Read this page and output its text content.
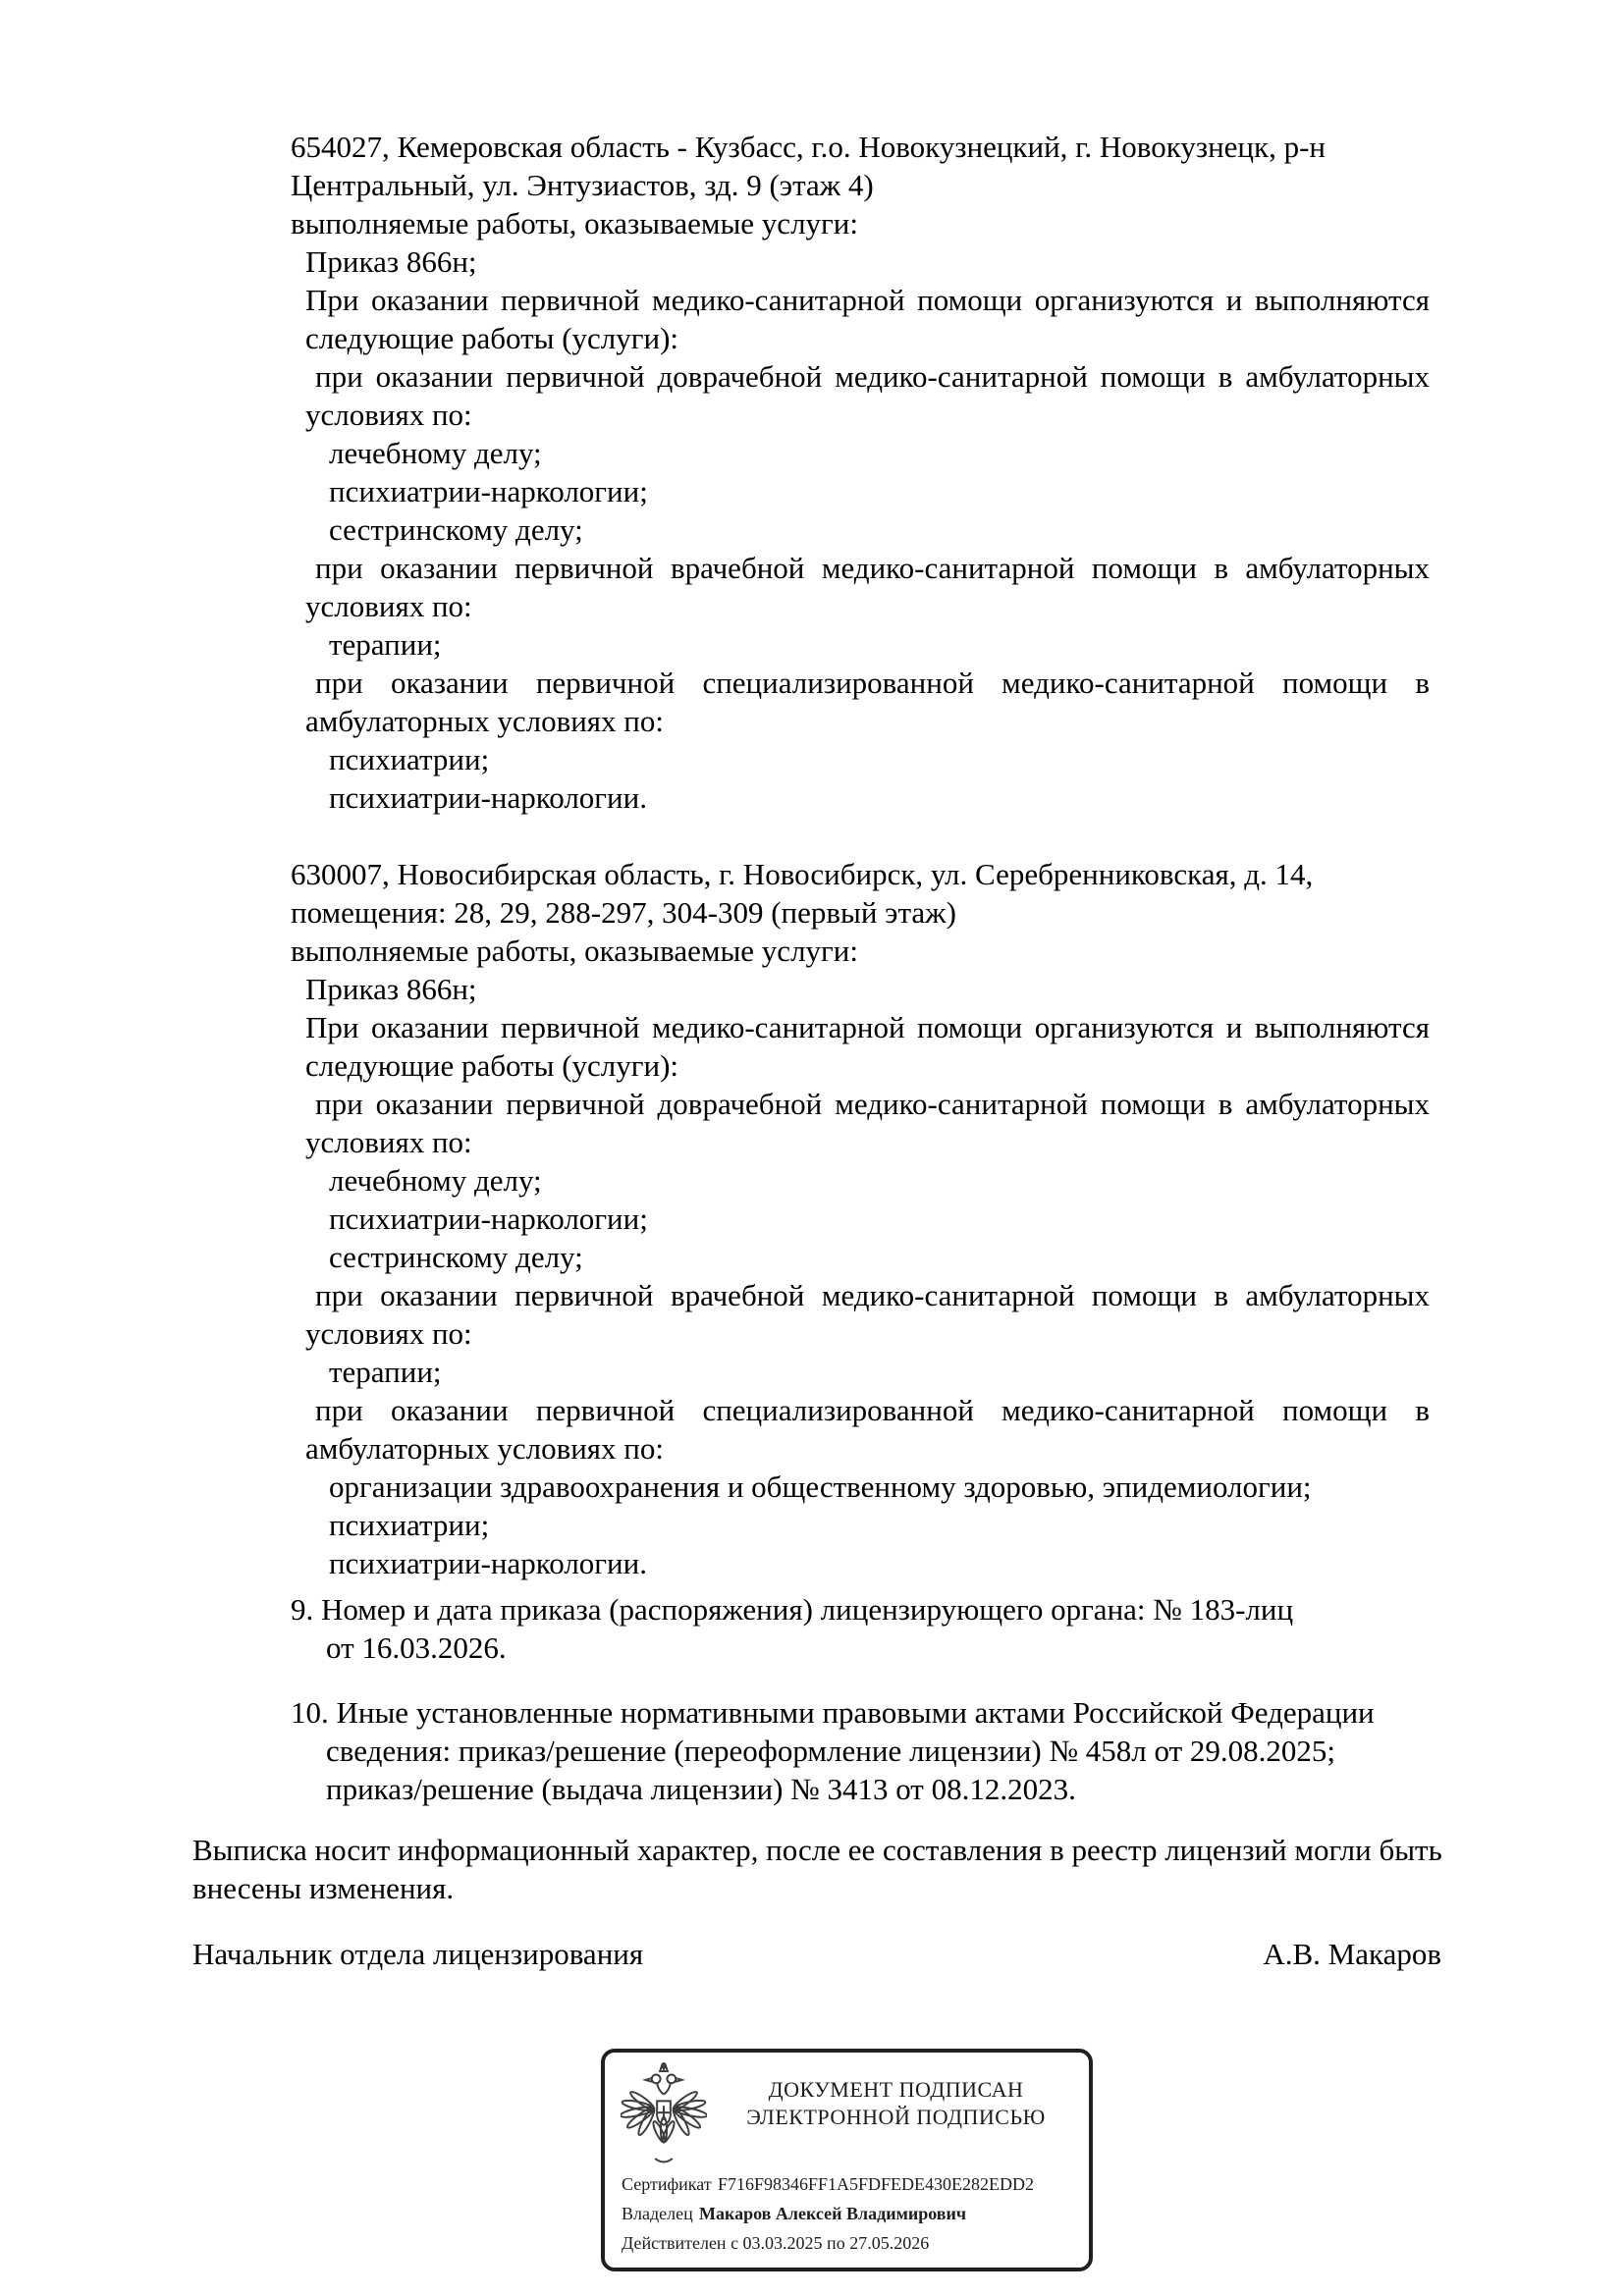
654027, Кемеровская область - Кузбасс, г.о. Новокузнецкий, г. Новокузнецк, р-н
Центральный, ул. Энтузиастов, зд. 9 (этаж 4)
выполняемые работы, оказываемые услуги:
Приказ 866н;
При оказании первичной медико-санитарной помощи организуются и выполняются
следующие работы (услуги):
при оказании первичной доврачебной медико-санитарной помощи в амбулаторных
условиях по:
лечебному делу;
психиатрии-наркологии;
сестринскому делу;
при оказании первичной врачебной медико-санитарной помощи в амбулаторных
условиях по:
терапии;
при оказании первичной специализированной медико-санитарной помощи в
амбулаторных условиях по:
психиатрии;
психиатрии-наркологии.
630007, Новосибирская область, г. Новосибирск, ул. Серебренниковская, д. 14,
помещения: 28, 29, 288-297, 304-309 (первый этаж)
выполняемые работы, оказываемые услуги:
Приказ 866н;
При оказании первичной медико-санитарной помощи организуются и выполняются
следующие работы (услуги):
при оказании первичной доврачебной медико-санитарной помощи в амбулаторных
условиях по:
лечебному делу;
психиатрии-наркологии;
сестринскому делу;
при оказании первичной врачебной медико-санитарной помощи в амбулаторных
условиях по:
терапии;
при оказании первичной специализированной медико-санитарной помощи в
амбулаторных условиях по:
организации здравоохранения и общественному здоровью, эпидемиологии;
психиатрии;
психиатрии-наркологии.
9. Номер и дата приказа (распоряжения) лицензирующего органа: № 183-лиц
от 16.03.2026.
10. Иные установленные нормативными правовыми актами Российской Федерации
сведения: приказ/решение (переоформление лицензии) № 458л от 29.08.2025;
приказ/решение (выдача лицензии) № 3413 от 08.12.2023.
Выписка носит информационный характер, после ее составления в реестр лицензий могли быть
внесены изменения.
Начальник отдела лицензирования	А.В. Макаров
ДОКУМЕНТ ПОДПИСАН
ЭЛЕКТРОННОЙ ПОДПИСЬЮ
Сертификат F716F98346FF1A5FDFEDE430E282EDD2
Владелец Макаров Алексей Владимирович
Действителен с 03.03.2025 по 27.05.2026
